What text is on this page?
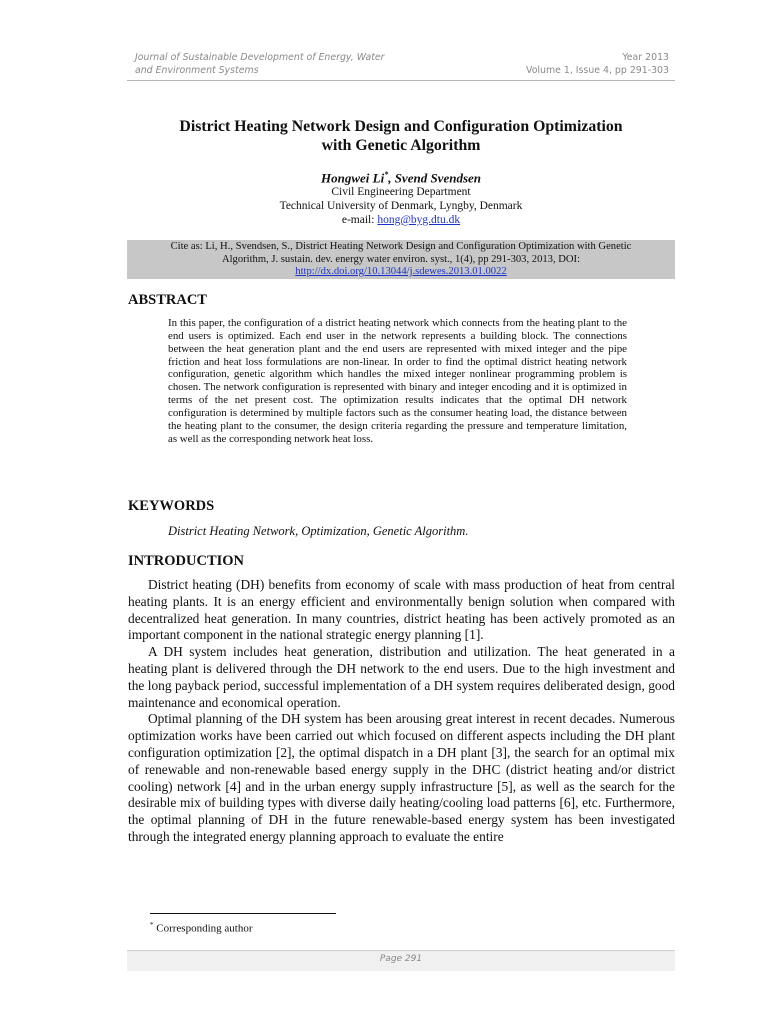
Journal of Sustainable Development of Energy, Water
and Environment Systems
Year 2013
Volume 1, Issue 4, pp 291-303
District Heating Network Design and Configuration Optimization
with Genetic Algorithm
Hongwei Li*, Svend Svendsen
Civil Engineering Department
Technical University of Denmark, Lyngby, Denmark
e-mail: hong@byg.dtu.dk
Cite as: Li, H., Svendsen, S., District Heating Network Design and Configuration Optimization with Genetic
Algorithm, J. sustain. dev. energy water environ. syst., 1(4), pp 291-303, 2013, DOI:
http://dx.doi.org/10.13044/j.sdewes.2013.01.0022
ABSTRACT
In this paper, the configuration of a district heating network which connects from the heating plant to the end users is optimized. Each end user in the network represents a building block. The connections between the heat generation plant and the end users are represented with mixed integer and the pipe friction and heat loss formulations are non-linear. In order to find the optimal district heating network configuration, genetic algorithm which handles the mixed integer nonlinear programming problem is chosen. The network configuration is represented with binary and integer encoding and it is optimized in terms of the net present cost. The optimization results indicates that the optimal DH network configuration is determined by multiple factors such as the consumer heating load, the distance between the heating plant to the consumer, the design criteria regarding the pressure and temperature limitation, as well as the corresponding network heat loss.
KEYWORDS
District Heating Network, Optimization, Genetic Algorithm.
INTRODUCTION

District heating (DH) benefits from economy of scale with mass production of heat from central heating plants. It is an energy efficient and environmentally benign solution when compared with decentralized heat generation. In many countries, district heating has been actively promoted as an important component in the national strategic energy planning [1].

A DH system includes heat generation, distribution and utilization. The heat generated in a heating plant is delivered through the DH network to the end users. Due to the high investment and the long payback period, successful implementation of a DH system requires deliberated design, good maintenance and economical operation.

Optimal planning of the DH system has been arousing great interest in recent decades. Numerous optimization works have been carried out which focused on different aspects including the DH plant configuration optimization [2], the optimal dispatch in a DH plant [3], the search for an optimal mix of renewable and non-renewable based energy supply in the DHC (district heating and/or district cooling) network [4] and in the urban energy supply infrastructure [5], as well as the search for the desirable mix of building types with diverse daily heating/cooling load patterns [6], etc. Furthermore, the optimal planning of DH in the future renewable-based energy system has been investigated through the integrated energy planning approach to evaluate the entire

* Corresponding author
Page 291
